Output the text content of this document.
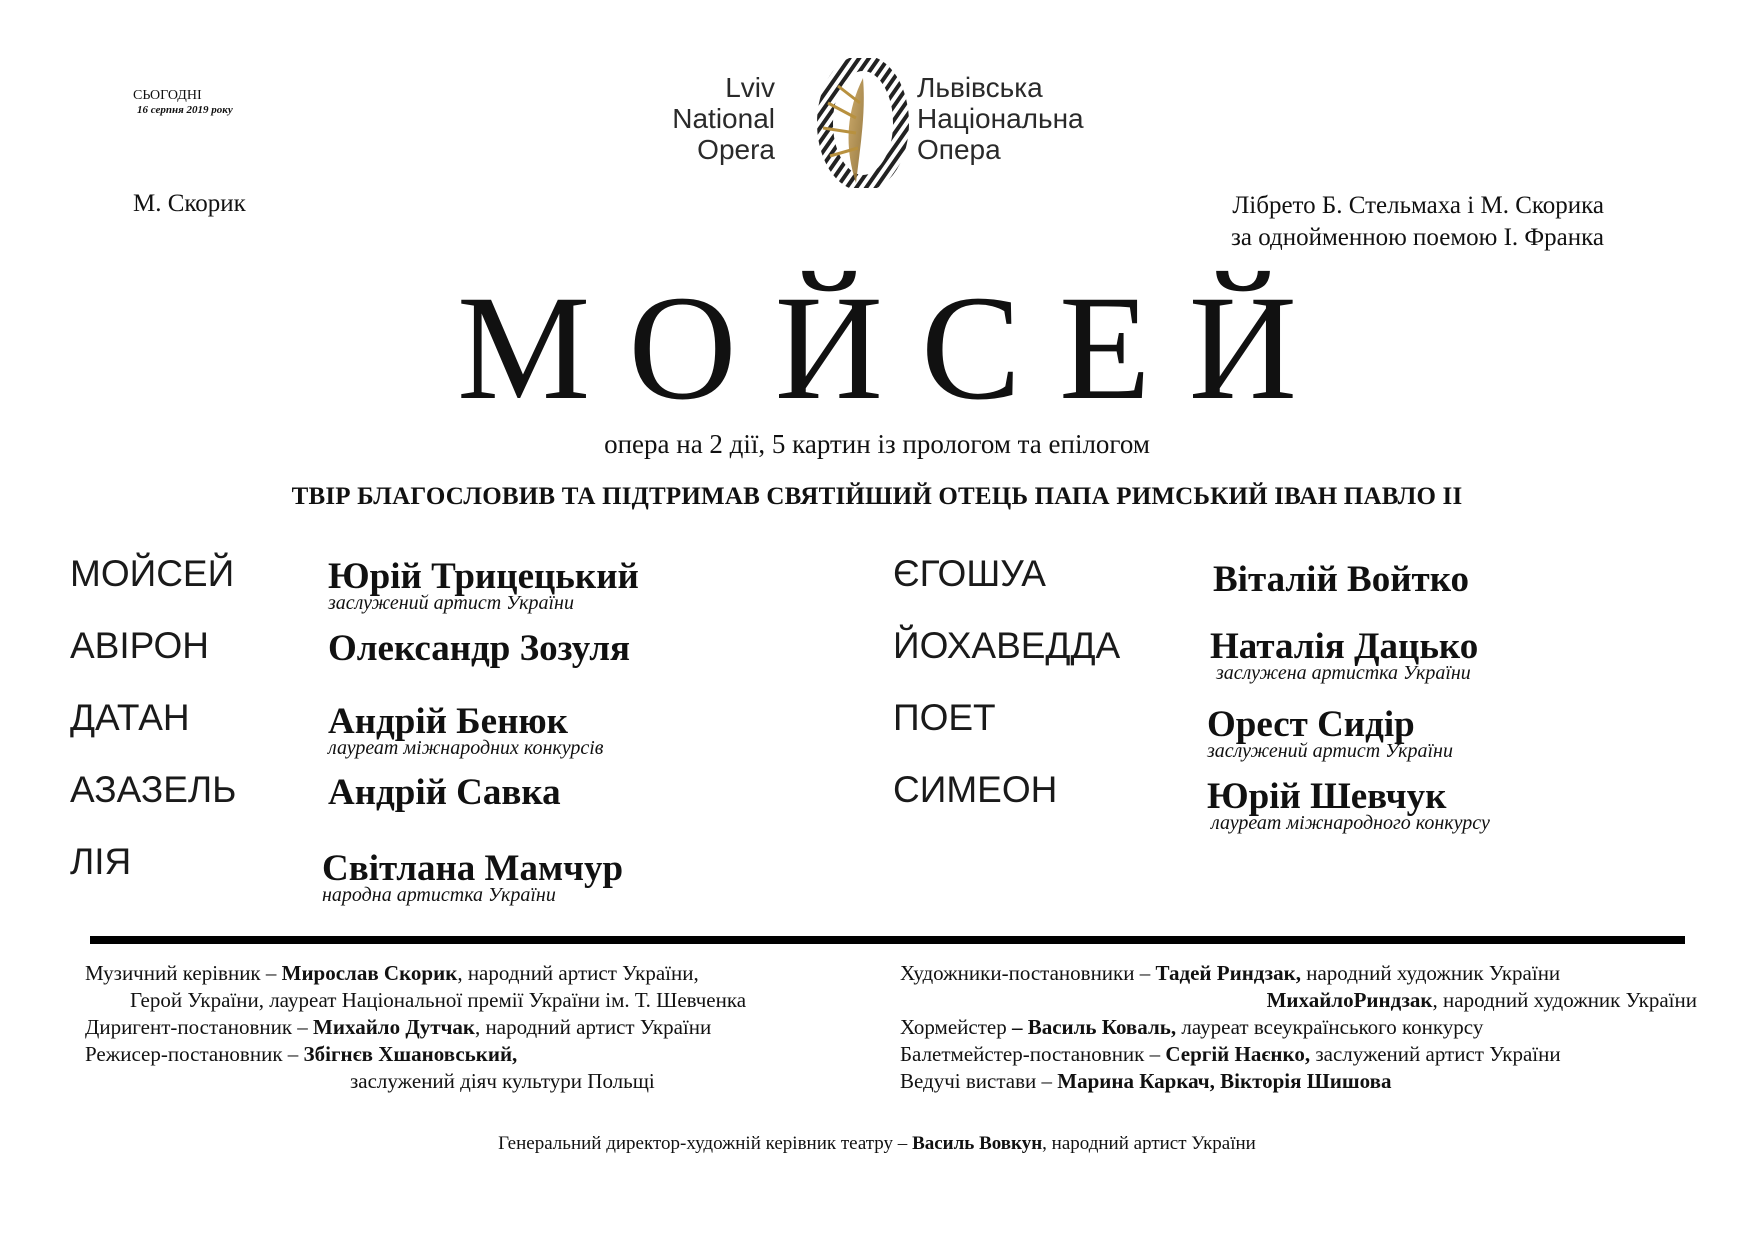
СЬОГОДНІ
16 серпня 2019 року
Lviv
National
Opera
Львівська
Національна
Опера
М. Скорик	Лібрето Б. Стельмаха і М. Скорика
за однойменною поемою І. Франка
МОЙСЕЙ
опера на 2 дії, 5 картин із прологом та епілогом
ТВІР БЛАГОСЛОВИВ ТА ПІДТРИМАВ СВЯТІЙШИЙ ОТЕЦЬ ПАПА РИМСЬКИЙ ІВАН ПАВЛО ІІ
МОЙСЕЙ	Юрій Трицецький
заслужений артист України
АВІРОН	Олександр Зозуля
ДАТАН	Андрій Бенюк
лауреат міжнародних конкурсів
АЗАЗЕЛЬ Андрій Савка
ЛІЯ	Світлана Мамчур
народна артистка України
ЄГОШУА	Віталій Войтко
ЙОХАВЕДДА Наталія Дацько
заслужена артистка України
ПОЕТ	Орест Сидір
заслужений артист України
СИМЕОН	Юрій Шевчук
лауреат міжнародного конкурсу
Музичний керівник – Мирослав Скорик, народний артист України,
Герой України, лауреат Національної премії України ім. Т. Шевченка
Диригент-постановник – Михайло Дутчак, народний артист України
Режисер-постановник – Збігнєв Хшановський,
заслужений діяч культури Польщі
Художники-постановники – Тадей Риндзак, народний художник України
МихайлоРиндзак, народний художник України
Хормейстер – Василь Коваль, лауреат всеукраїнського конкурсу
Балетмейстер-постановник – Сергій Наєнко, заслужений артист України
Ведучі вистави – Марина Каркач, Вікторія Шишова
Генеральний директор-художній керівник театру – Василь Вовкун, народний артист України
